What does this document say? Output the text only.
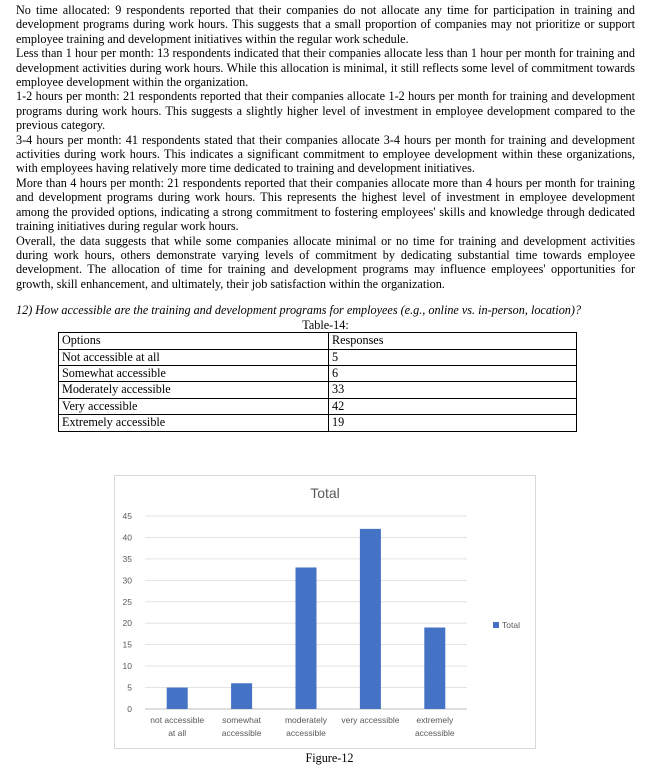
No time allocated: 9 respondents reported that their companies do not allocate any time for participation in training and development programs during work hours. This suggests that a small proportion of companies may not prioritize or support employee training and development initiatives within the regular work schedule.

Less than 1 hour per month: 13 respondents indicated that their companies allocate less than 1 hour per month for training and development activities during work hours. While this allocation is minimal, it still reflects some level of commitment towards employee development within the organization.

1-2 hours per month: 21 respondents reported that their companies allocate 1-2 hours per month for training and development programs during work hours. This suggests a slightly higher level of investment in employee development compared to the previous category.

3-4 hours per month: 41 respondents stated that their companies allocate 3-4 hours per month for training and development activities during work hours. This indicates a significant commitment to employee development within these organizations, with employees having relatively more time dedicated to training and development initiatives.

More than 4 hours per month: 21 respondents reported that their companies allocate more than 4 hours per month for training and development programs during work hours. This represents the highest level of investment in employee development among the provided options, indicating a strong commitment to fostering employees' skills and knowledge through dedicated training initiatives during regular work hours.

Overall, the data suggests that while some companies allocate minimal or no time for training and development activities during work hours, others demonstrate varying levels of commitment by dedicating substantial time towards employee development. The allocation of time for training and development programs may influence employees' opportunities for growth, skill enhancement, and ultimately, their job satisfaction within the organization.

12) How accessible are the training and development programs for employees (e.g., online vs. in-person, location)?

Table-14:

Options	Responses
Not accessible at all	5
Somewhat accessible	6
Moderately accessible	33
Very accessible	42
Extremely accessible	19
Total
0
5
10
15
20
25
30
35
40
45
not accessible at all
somewhat accessible
moderately accessible
very accessible extremely accessible
Total
Figure-12
